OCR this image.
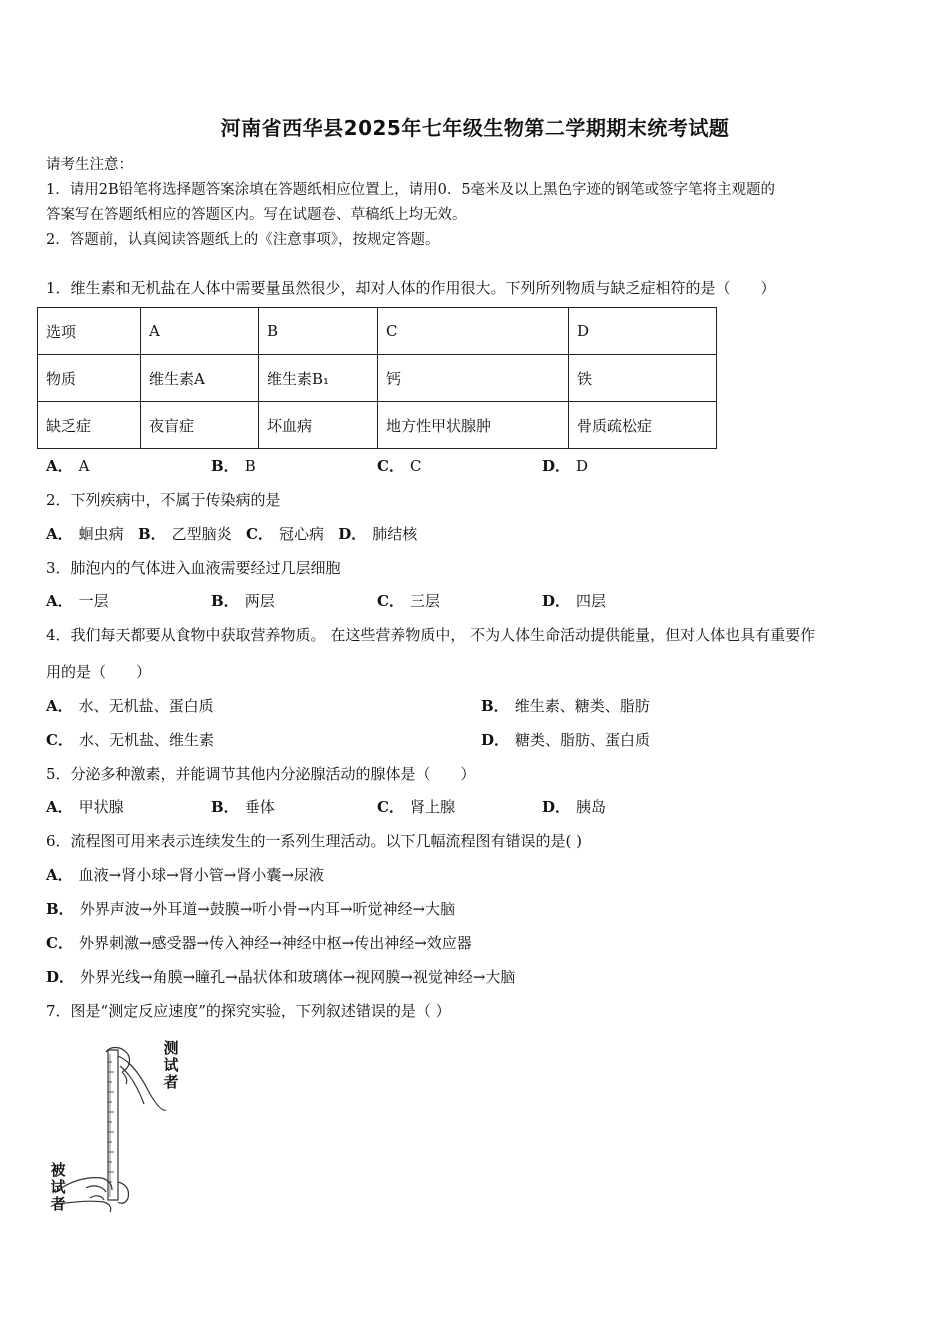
河南省西华县2025年七年级生物第二学期期末统考试题
请考生注意：
1．请用2B铅笔将选择题答案涂填在答题纸相应位置上，请用0．5毫米及以上黑色字迹的钢笔或签字笔将主观题的
答案写在答题纸相应的答题区内。写在试题卷、草稿纸上均无效。
2．答题前，认真阅读答题纸上的《注意事项》，按规定答题。
1．维生素和无机盐在人体中需要量虽然很少，却对人体的作用很大。下列所列物质与缺乏症相符的是（　　）
选项	A	B	C	D
物质	维生素A	维生素B₁	钙	铁
缺乏症	夜盲症	坏血病	地方性甲状腺肿	骨质疏松症
A． A	B． B	C． C	D． D
2．下列疾病中，不属于传染病的是
A． 蛔虫病 B． 乙型脑炎 C． 冠心病 D． 肺结核
3．肺泡内的气体进入血液需要经过几层细胞
A． 一层	B． 两层	C． 三层	D． 四层
4．我们每天都要从食物中获取营养物质。 在这些营养物质中， 不为人体生命活动提供能量，但对人体也具有重要作
用的是（　　）
A． 水、无机盐、蛋白质	B． 维生素、糖类、脂肪
C． 水、无机盐、维生素	D． 糖类、脂肪、蛋白质
5．分泌多种激素，并能调节其他内分泌腺活动的腺体是（　　）
A． 甲状腺	B． 垂体	C． 肾上腺	D． 胰岛
6．流程图可用来表示连续发生的一系列生理活动。以下几幅流程图有错误的是( )
A． 血液→肾小球→肾小管→肾小囊→尿液
B． 外界声波→外耳道→鼓膜→听小骨→内耳→听觉神经→大脑
C． 外界刺激→感受器→传入神经→神经中枢→传出神经→效应器
D． 外界光线→角膜→瞳孔→晶状体和玻璃体→视网膜→视觉神经→大脑
7．图是“测定反应速度”的探究实验，下列叙述错误的是（ ）
测试者
被试者
